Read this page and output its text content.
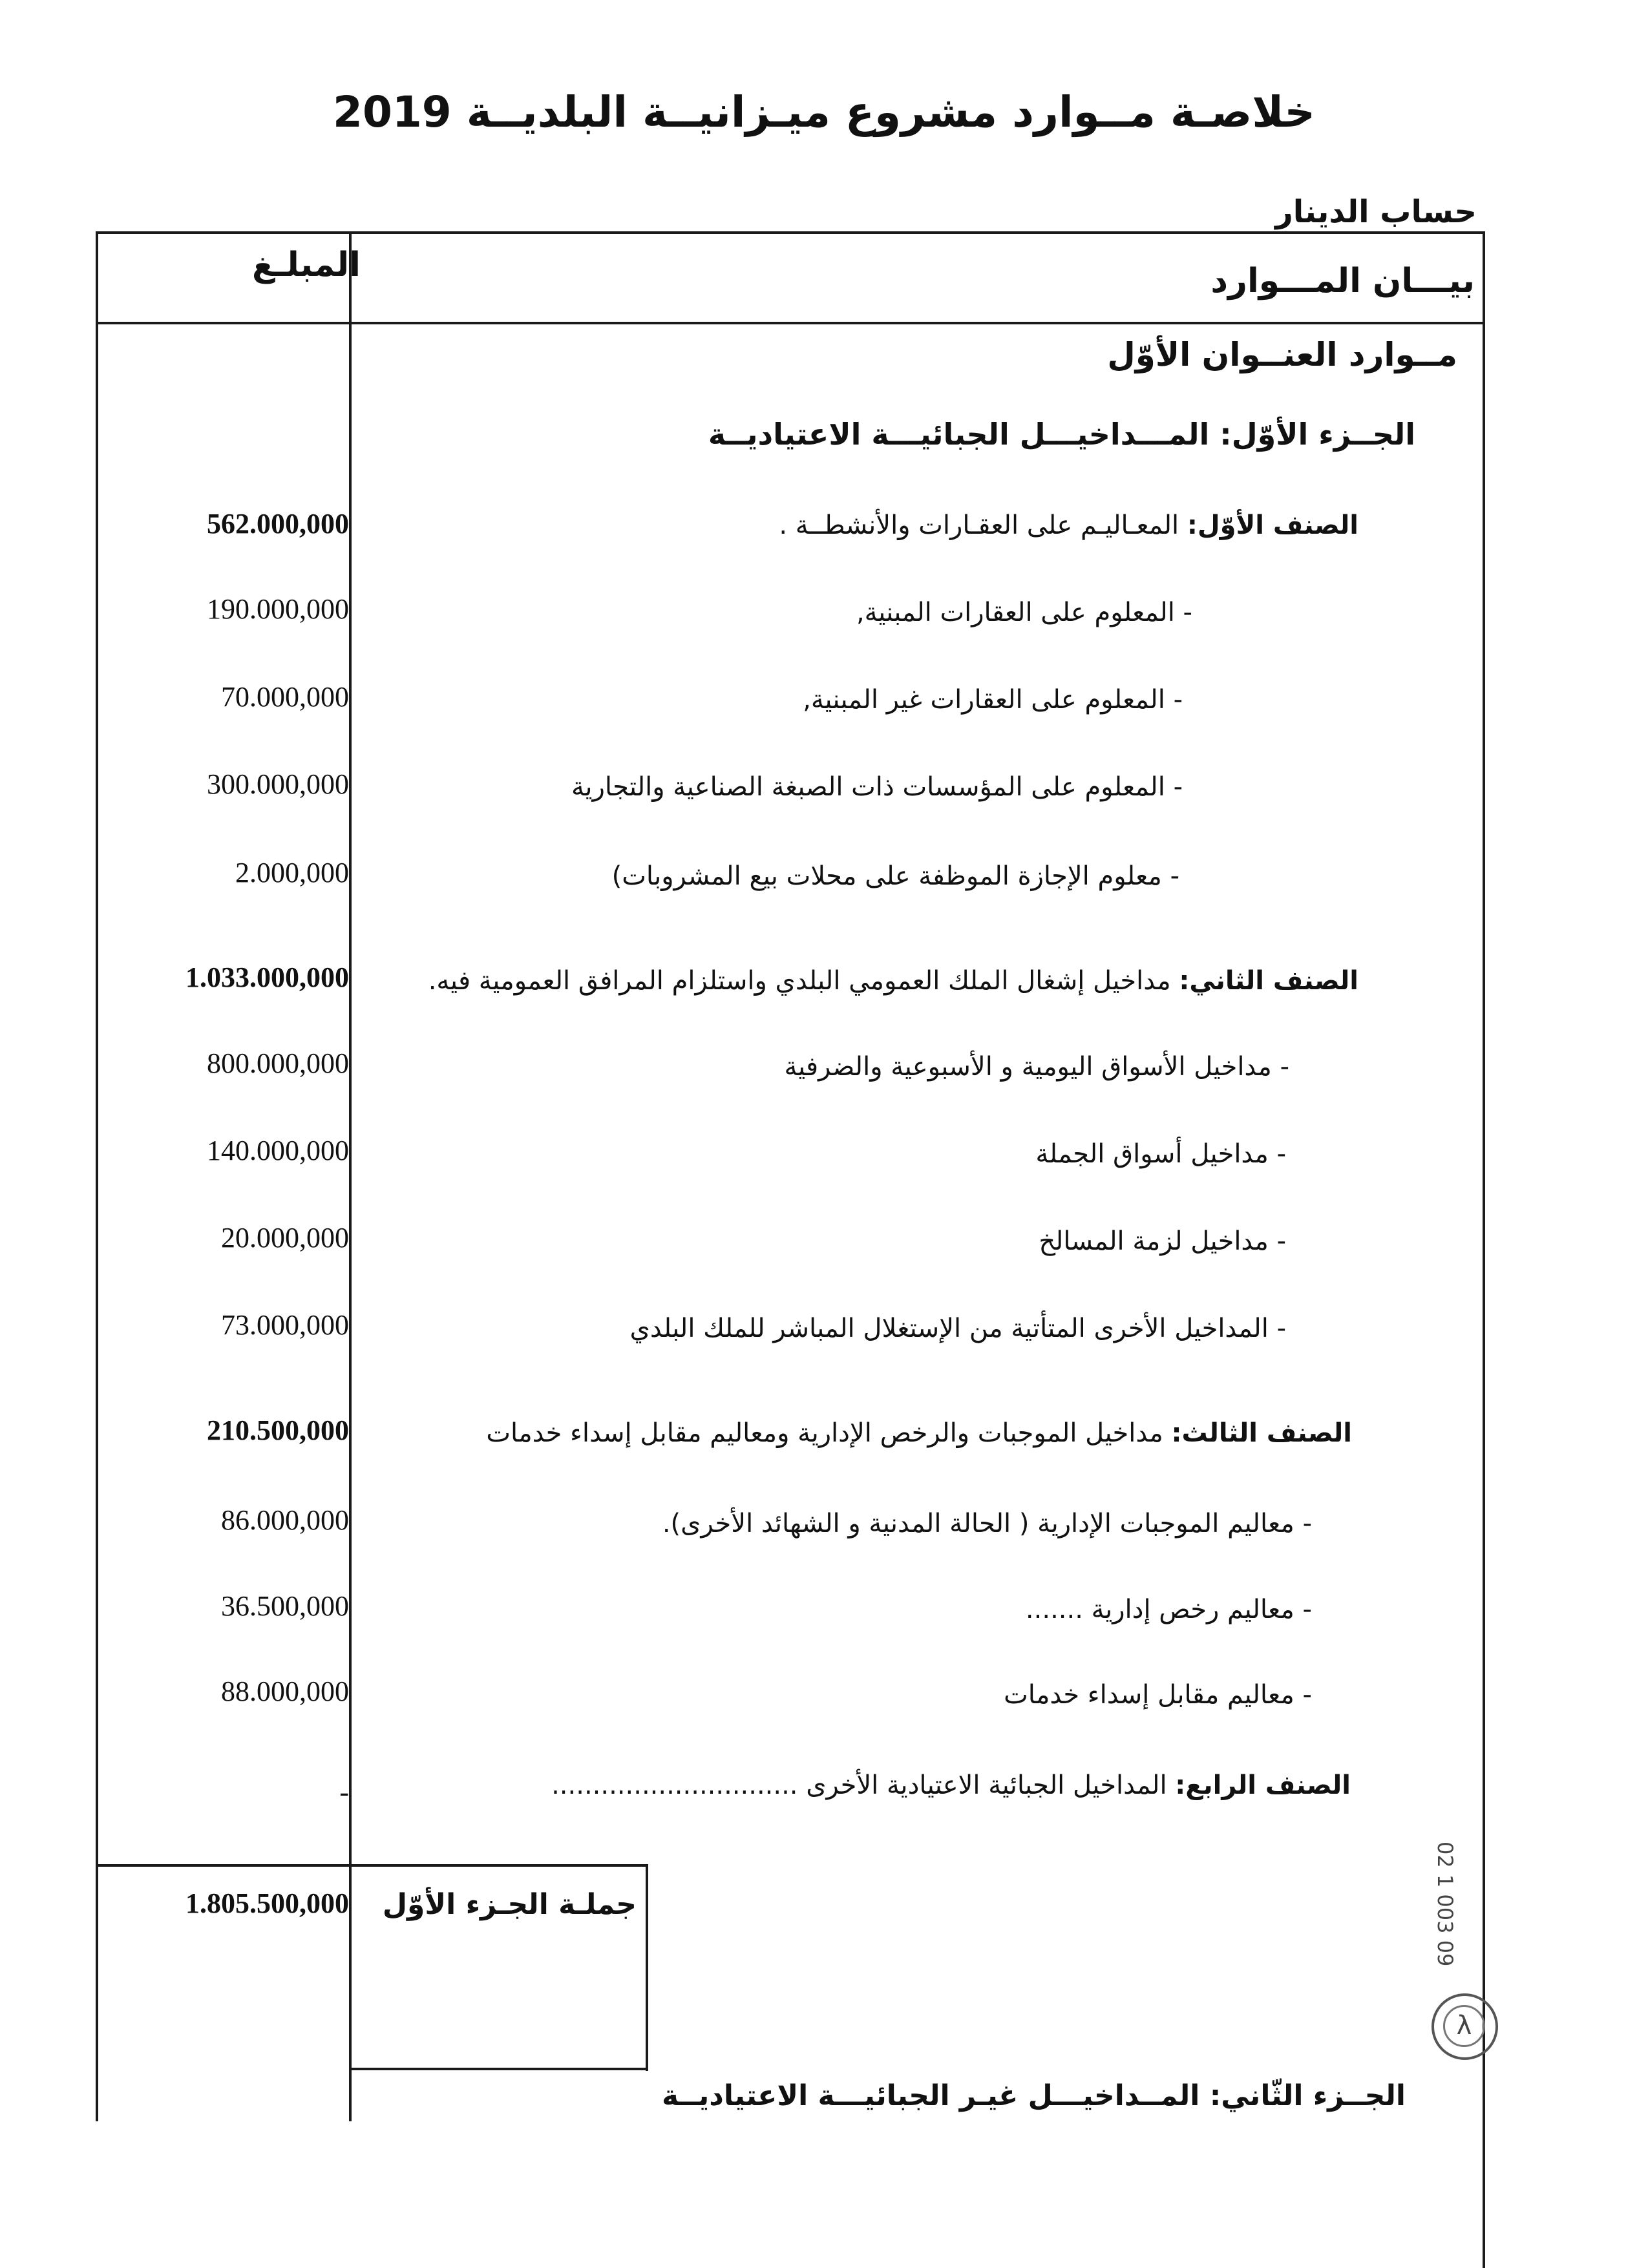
خلاصـة مــوارد مشروع ميـزانيــة البلديــة 2019
حساب الدينار
بيـــان المـــوارد
المبلـغ
مــوارد العنــوان الأوّل
الجــزء الأوّل: المـــداخيـــل الجبائيـــة الاعتياديــة
الصنف الأوّل: المعـاليـم على العقـارات والأنشطــة .
562.000,000
- المعلوم على العقارات المبنية,
190.000,000
- المعلوم على العقارات غير المبنية,
70.000,000
- المعلوم على المؤسسات ذات الصبغة الصناعية والتجارية
300.000,000
- معلوم الإجازة الموظفة على محلات بيع المشروبات)
2.000,000
الصنف الثاني: مداخيل إشغال الملك العمومي البلدي واستلزام المرافق العمومية فيه.
1.033.000,000
- مداخيل الأسواق اليومية و الأسبوعية والضرفية
800.000,000
- مداخيل أسواق الجملة
140.000,000
- مداخيل لزمة المسالخ
20.000,000
- المداخيل الأخرى المتأتية من الإستغلال المباشر للملك البلدي
73.000,000
الصنف الثالث: مداخيل الموجبات والرخص الإدارية ومعاليم مقابل إسداء خدمات
210.500,000
- معاليم الموجبات الإدارية ( الحالة المدنية و الشهائد الأخرى).
86.000,000
- معاليم رخص إدارية .......
36.500,000
- معاليم مقابل إسداء خدمات
88.000,000
الصنف الرابع: المداخيل الجبائية الاعتيادية الأخرى ..............................
-
جملـة الجـزء الأوّل
1.805.500,000
الجــزء الثّاني: المــداخيـــل غيـر الجبائيـــة الاعتياديــة
02 1 003 09
λ
